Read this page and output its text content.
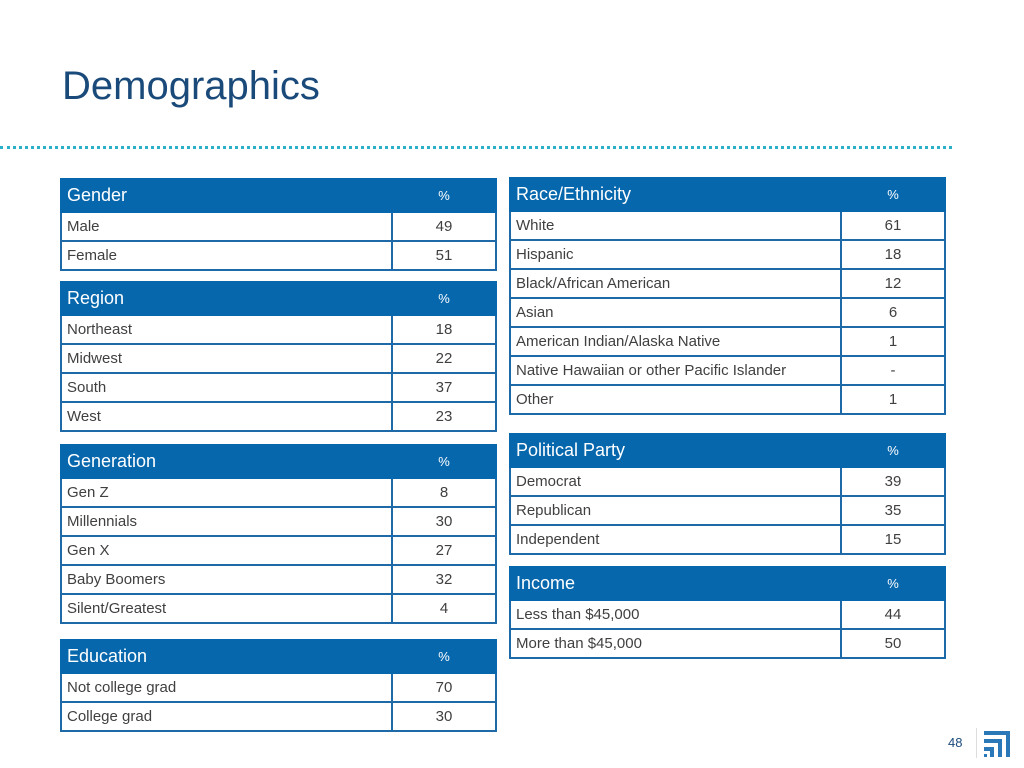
Demographics
Gender	%
Male	49
Female	51
Region	%
Northeast	18
Midwest	22
South	37
West	23
Generation	%
Gen Z	8
Millennials	30
Gen X	27
Baby Boomers	32
Silent/Greatest	4
Education	%
Not college grad	70
College grad	30
Race/Ethnicity	%
White	61
Hispanic	18
Black/African American	12
Asian	6
American Indian/Alaska Native	1
Native Hawaiian or other Pacific Islander	-
Other	1
Political Party	%
Democrat	39
Republican	35
Independent	15
Income	%
Less than $45,000	44
More than $45,000	50
48
